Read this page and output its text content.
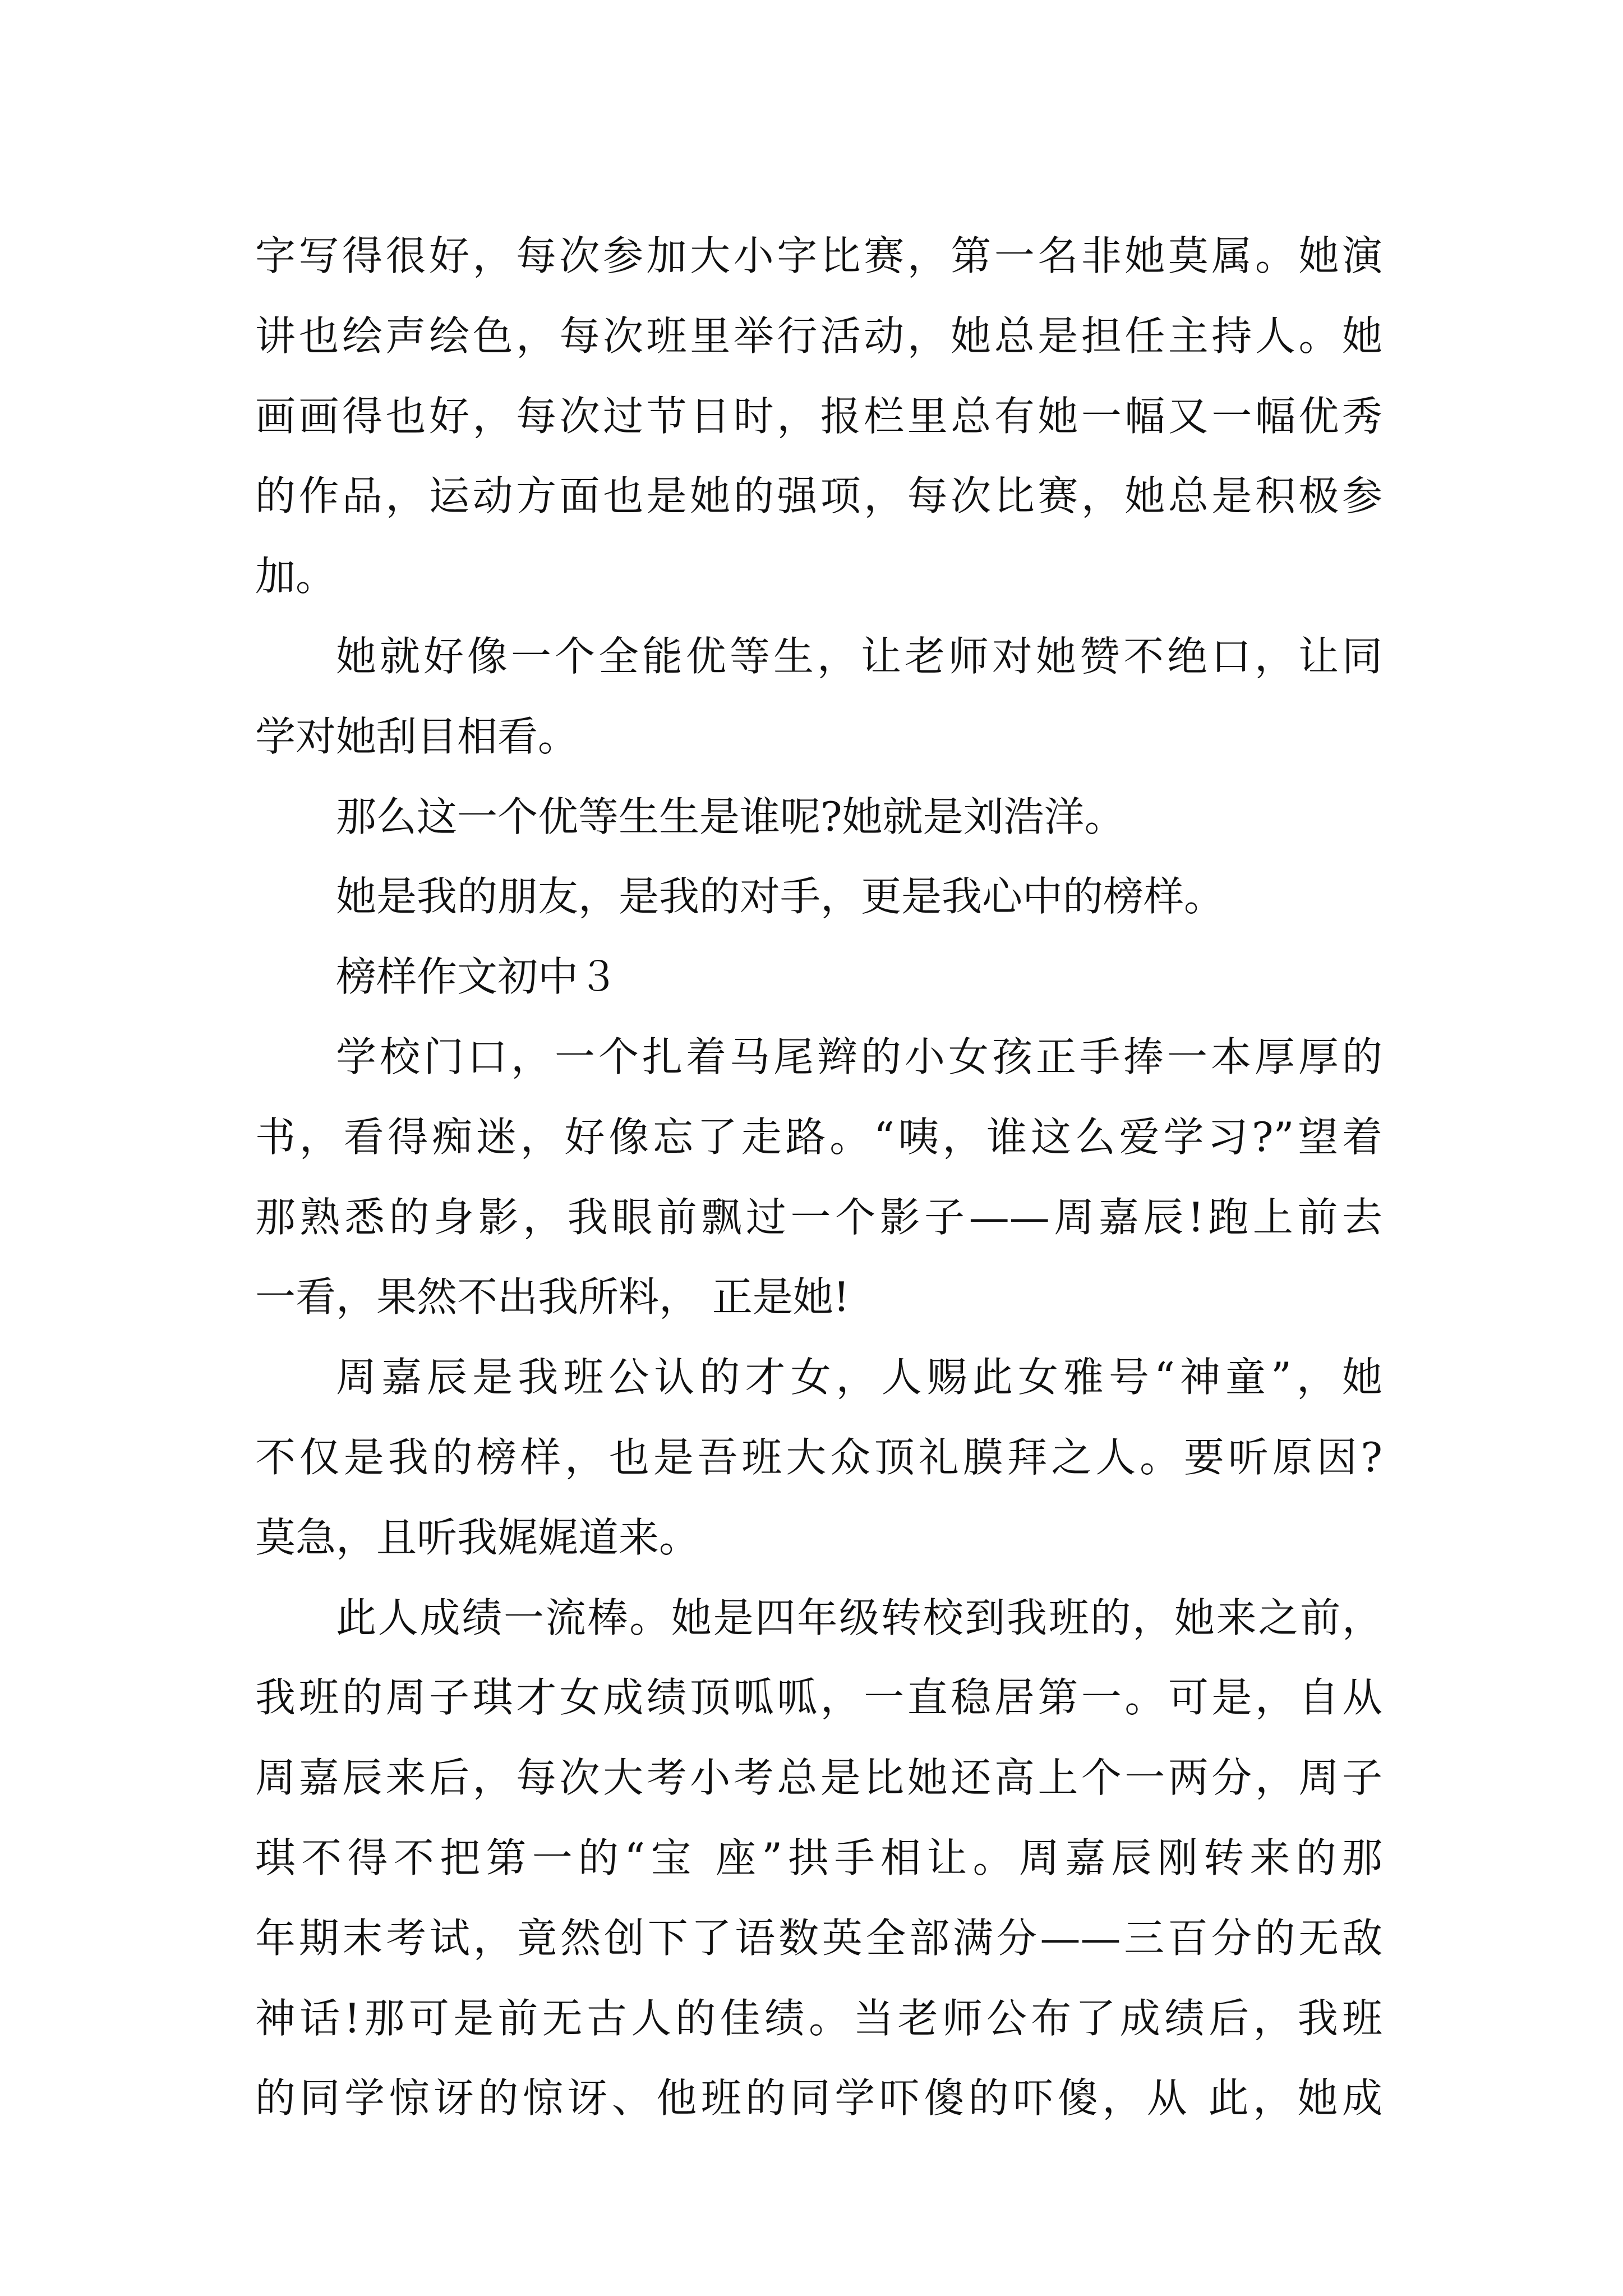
字写得很好，每次参加大小字比赛，第一名非她莫属。她演
讲也绘声绘色，每次班里举行活动，她总是担任主持人。她
画画得也好，每次过节日时，报栏里总有她一幅又一幅优秀
的作品，运动方面也是她的强项，每次比赛，她总是积极参
加。
她就好像一个全能优等生，让老师对她赞不绝口，让同
学对她刮目相看。
那么这一个优等生生是谁呢?她就是刘浩洋。
她是我的朋友，是我的对手，更是我心中的榜样。
榜样作文初中３
学校门口，一个扎着马尾辫的小女孩正手捧一本厚厚的
书，看得痴迷，好像忘了走路。“咦，谁这么爱学习?”望着
那熟悉的身影，我眼前飘过一个影子——周嘉辰!跑上前去
一看，果然不出我所料， 正是她!
周嘉辰是我班公认的才女，人赐此女雅号“神童”，她
不仅是我的榜样，也是吾班大众顶礼膜拜之人。要听原因?
莫急，且听我娓娓道来。
此人成绩一流棒。她是四年级转校到我班的，她来之前，
我班的周子琪才女成绩顶呱呱，一直稳居第一。可是，自从
周嘉辰来后，每次大考小考总是比她还高上个一两分，周子
琪不得不把第一的“宝 座”拱手相让。周嘉辰刚转来的那
年期末考试，竟然创下了语数英全部满分——三百分的无敌
神话!那可是前无古人的佳绩。当老师公布了成绩后，我班
的同学惊讶的惊讶、他班的同学吓傻的吓傻，从 此，她成
